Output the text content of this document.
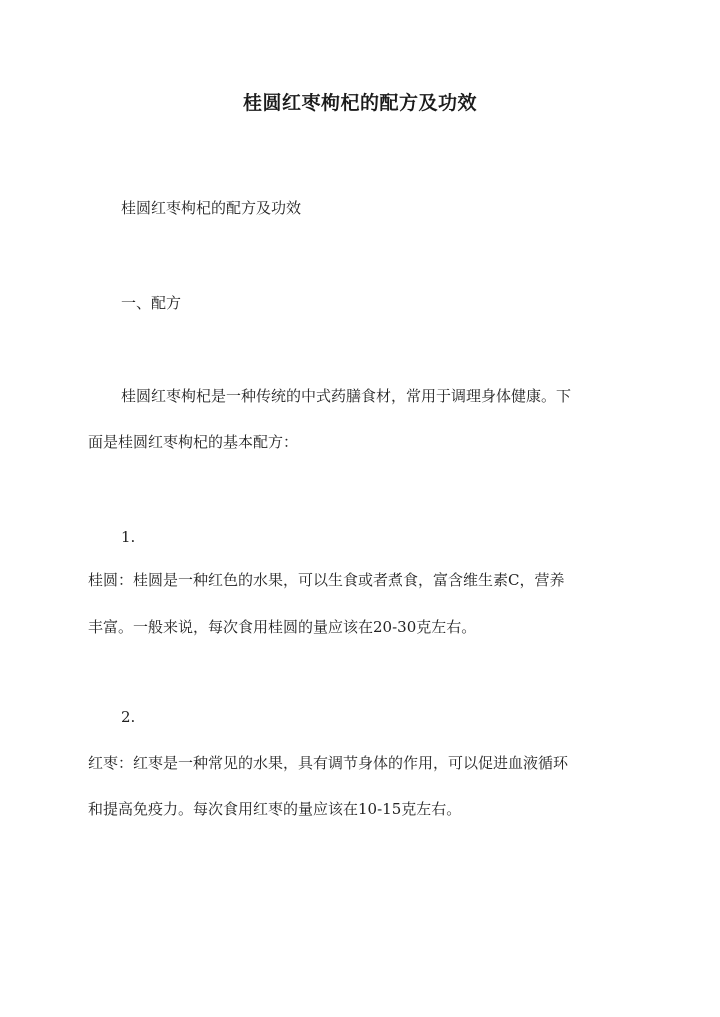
桂圆红枣枸杞的配方及功效

桂圆红枣枸杞的配方及功效

一、配方

桂圆红枣枸杞是一种传统的中式药膳食材，常用于调理身体健康。下

面是桂圆红枣枸杞的基本配方：

1.

桂圆：桂圆是一种红色的水果，可以生食或者煮食，富含维生素C，营养

丰富。一般来说，每次食用桂圆的量应该在20-30克左右。

2.

红枣：红枣是一种常见的水果，具有调节身体的作用，可以促进血液循环

和提高免疫力。每次食用红枣的量应该在10-15克左右。
